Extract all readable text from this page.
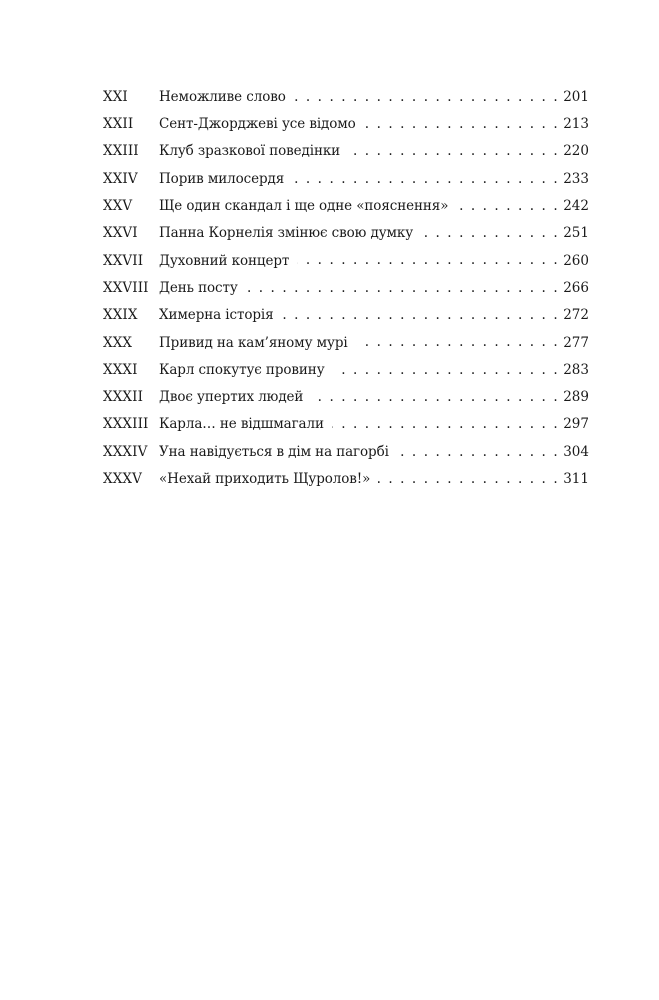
XXI	Неможливе слово . . .	201
XXII	Сент-Джорджеві усе відомо . . .	213
XXIII	Клуб зразкової поведінки . . .	220
XXIV	Порив милосердя . . .	233
XXV	Ще один скандал і ще одне «пояснення» . . .	242
XXVI	Панна Корнелія змінює свою думку . . .	251
XXVII	Духовний концерт . . .	260
XXVIII День посту . . .	266
XXIX	Химерна історія . . .	272
XXX	Привид на кам’яному мурі . . .	277
XXXI	Карл спокутує провину . . .	283
XXXII	Двоє упертих людей . . .	289
XXXIII Карла… не відшмагали . . .	297
XXXIV Уна навідується в дім на пагорбі . . .	304
XXXV	«Нехай приходить Щуролов!» . . .	311
